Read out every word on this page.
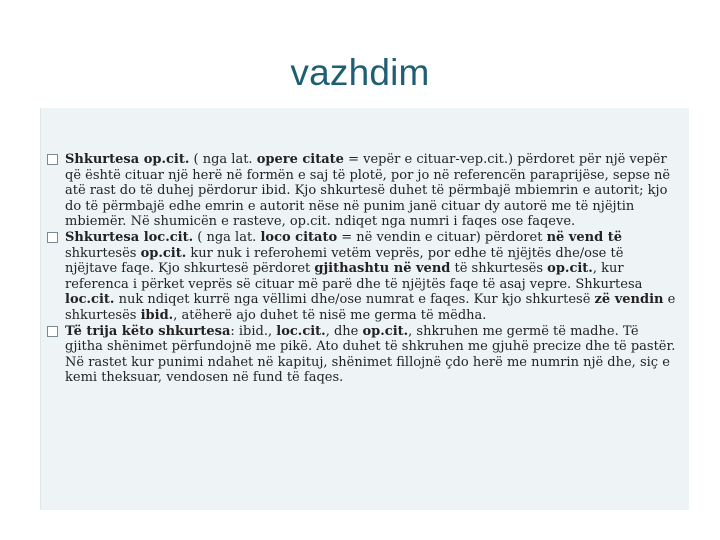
vazhdim

Shkurtesa op.cit. ( nga lat. opere citate = vepër e cituar-vep.cit.) përdoret për një vepër që është cituar një herë në formën e saj të plotë, por jo në referencën paraprijëse, sepse në atë rast do të duhej përdorur ibid. Kjo shkurtesë duhet të përmbajë mbiemrin e autorit; kjo do të përmbajë edhe emrin e autorit nëse në punim janë cituar dy autorë me të njëjtin mbiemër. Në shumicën e rasteve, op.cit. ndiqet nga numri i faqes ose faqeve.

Shkurtesa loc.cit. ( nga lat. loco citato = në vendin e cituar) përdoret në vend të shkurtesës op.cit. kur nuk i referohemi vetëm veprës, por edhe të njëjtës dhe/ose të njëjtave faqe. Kjo shkurtesë përdoret gjithashtu në vend të shkurtesës op.cit., kur referenca i përket veprës së cituar më parë dhe të njëjtës faqe të asaj vepre. Shkurtesa loc.cit. nuk ndiqet kurrë nga vëllimi dhe/ose numrat e faqes. Kur kjo shkurtesë zë vendin e shkurtesës ibid., atëherë ajo duhet të nisë me germa të mëdha.

Të trija këto shkurtesa: ibid., loc.cit., dhe op.cit., shkruhen me germë të madhe. Të gjitha shënimet përfundojnë me pikë. Ato duhet të shkruhen me gjuhë precize dhe të pastër. Në rastet kur punimi ndahet në kapituj, shënimet fillojnë çdo herë me numrin një dhe, siç e kemi theksuar, vendosen në fund të faqes.
